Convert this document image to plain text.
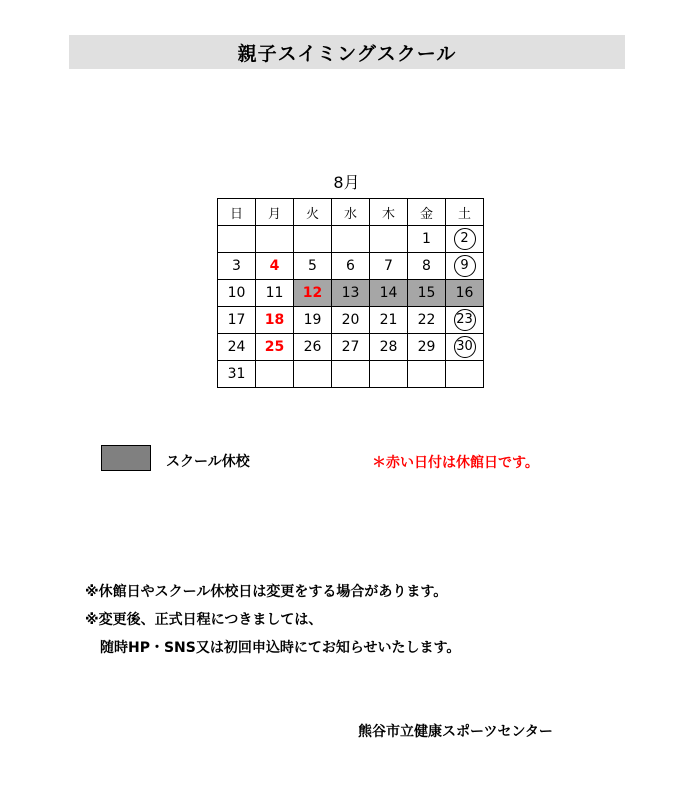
親子スイミングスクール
8月
日	月	火	水	木	金	土
					1	2
3	4	5	6	7	8	9
10	11	12	13	14	15	16
17	18	19	20	21	22	23
24	25	26	27	28	29	30
31						
スクール休校	＊赤い日付は休館日です。
※休館日やスクール休校日は変更をする場合があります。
※変更後、正式日程につきましては、
随時HP・SNS又は初回申込時にてお知らせいたします。
熊谷市立健康スポーツセンター
